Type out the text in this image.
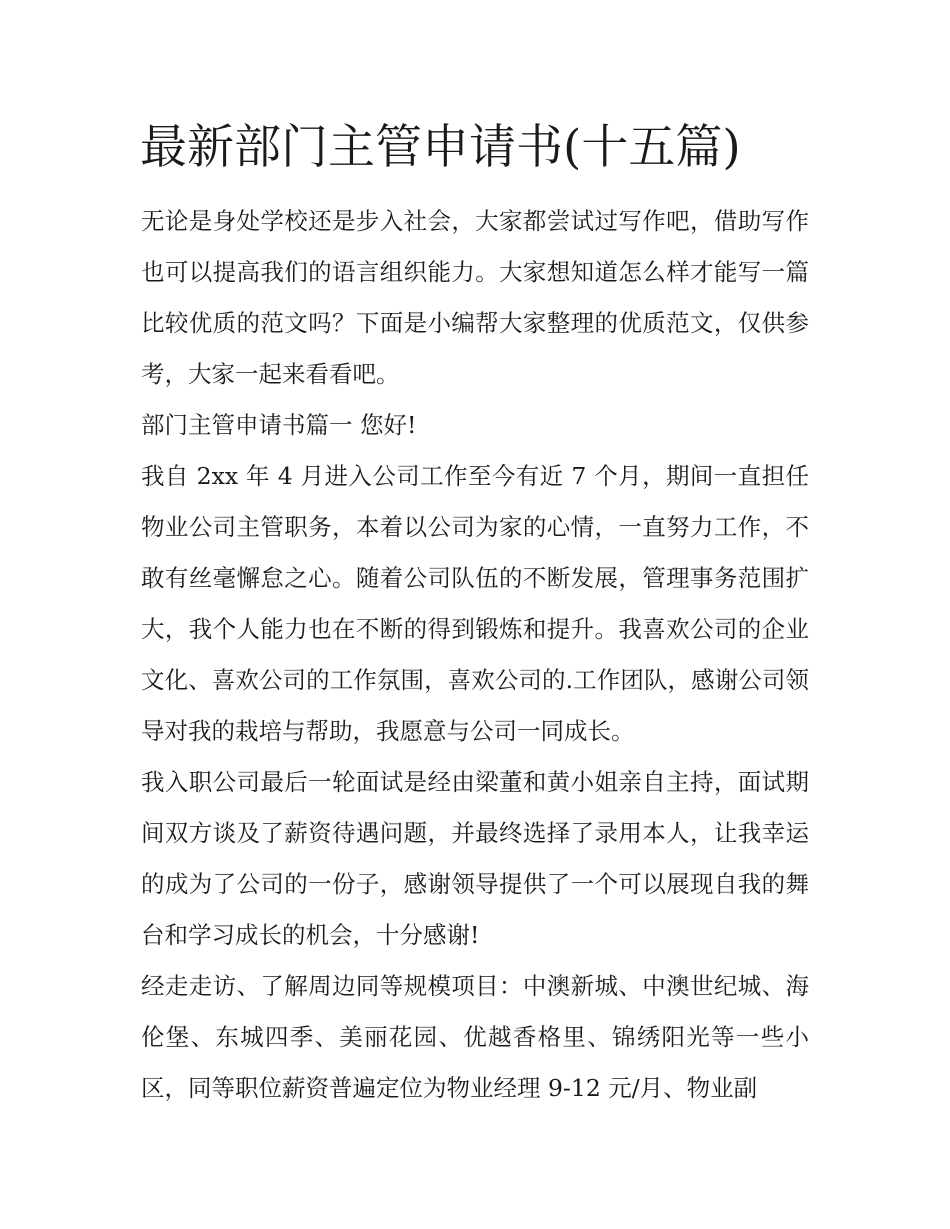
最新部门主管申请书(十五篇)

无论是身处学校还是步入社会，大家都尝试过写作吧，借助写作也可以提高我们的语言组织能力。大家想知道怎么样才能写一篇比较优质的范文吗？下面是小编帮大家整理的优质范文，仅供参考，大家一起来看看吧。

部门主管申请书篇一 您好!

我自 2xx 年 4 月进入公司工作至今有近 7 个月，期间一直担任物业公司主管职务，本着以公司为家的心情，一直努力工作，不敢有丝毫懈怠之心。随着公司队伍的不断发展，管理事务范围扩大，我个人能力也在不断的得到锻炼和提升。我喜欢公司的企业文化、喜欢公司的工作氛围，喜欢公司的.工作团队，感谢公司领导对我的栽培与帮助，我愿意与公司一同成长。

我入职公司最后一轮面试是经由梁董和黄小姐亲自主持，面试期间双方谈及了薪资待遇问题，并最终选择了录用本人，让我幸运的成为了公司的一份子，感谢领导提供了一个可以展现自我的舞台和学习成长的机会，十分感谢!

经走走访、了解周边同等规模项目：中澳新城、中澳世纪城、海伦堡、东城四季、美丽花园、优越香格里、锦绣阳光等一些小区，同等职位薪资普遍定位为物业经理 9-12 元/月、物业副
